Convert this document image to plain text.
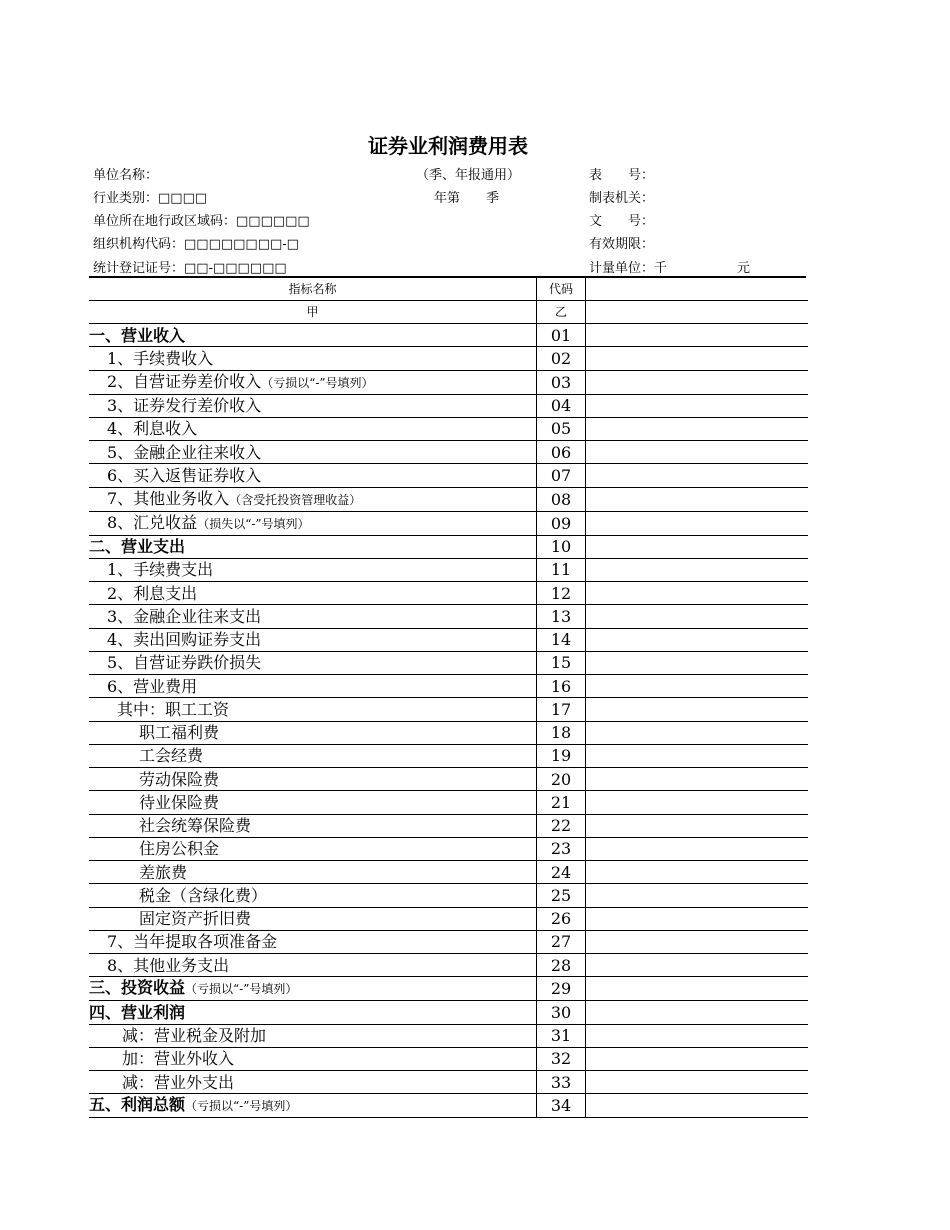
证券业利润费用表
单位名称：	（季、年报通用）	表　　号：
行业类别：□□□□	年第　　季	制表机关：
单位所在地行政区域码：□□□□□□	文　　号：
组织机构代码：□□□□□□□□-□	有效期限：
统计登记证号：□□-□□□□□□	计量单位：千	元
指标名称	代码	
甲	乙	
一、营业收入	01	
1、手续费收入	02	
2、自营证券差价收入（亏损以“-”号填列）	03	
3、证券发行差价收入	04	
4、利息收入	05	
5、金融企业往来收入	06	
6、买入返售证券收入	07	
7、其他业务收入（含受托投资管理收益）	08	
8、汇兑收益（损失以“-”号填列）	09	
二、营业支出	10	
1、手续费支出	11	
2、利息支出	12	
3、金融企业往来支出	13	
4、卖出回购证券支出	14	
5、自营证券跌价损失	15	
6、营业费用	16	
其中：职工工资	17	
职工福利费	18	
工会经费	19	
劳动保险费	20	
待业保险费	21	
社会统筹保险费	22	
住房公积金	23	
差旅费	24	
税金（含绿化费）	25	
固定资产折旧费	26	
7、当年提取各项准备金	27	
8、其他业务支出	28	
三、投资收益（亏损以“-”号填列）	29	
四、营业利润	30	
减：营业税金及附加	31	
加：营业外收入	32	
减：营业外支出	33	
五、利润总额（亏损以“-”号填列）	34	
